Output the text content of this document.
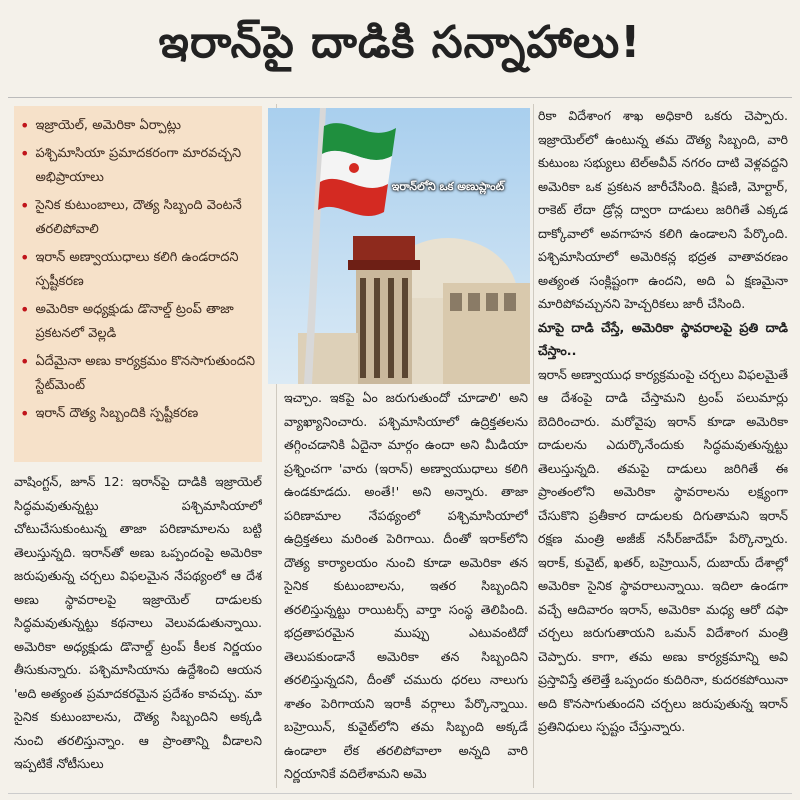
ఇరాన్‌పై దాడికి సన్నాహాలు!
• ఇజ్రాయెల్, అమెరికా ఏర్పాట్లు
• పశ్చిమాసియా ప్రమాదకరంగా మారవచ్చని అభిప్రాయాలు
• సైనిక కుటుంబాలు, దౌత్య సిబ్బంది వెంటనే తరలిపోవాలి
• ఇరాన్ అణ్వాయుధాలు కలిగి ఉండరాదని స్పష్టీకరణ
• అమెరికా అధ్యక్షుడు డొనాల్డ్ ట్రంప్ తాజా ప్రకటనలో వెల్లడి
• ఏదేమైనా అణు కార్యక్రమం కొనసాగుతుందని స్టేట్‌మెంట్
• ఇరాన్ దౌత్య సిబ్బందికి స్పష్టీకరణ
ఇరాన్‌లోని ఒక అణుప్లాంట్

వాషింగ్టన్, జూన్ 12: ఇరాన్‌పై దాడికి ఇజ్రాయెల్ సిద్ధమవుతున్నట్టు పశ్చిమాసియాలో చోటుచేసుకుంటున్న తాజా పరిణామాలను బట్టి తెలుస్తున్నది. ఇరాన్‌తో అణు ఒప్పందంపై అమెరికా జరుపుతున్న చర్చలు విఫలమైన నేపథ్యంలో ఆ దేశ అణు స్థావరాలపై ఇజ్రాయెల్ దాడులకు సిద్ధమవుతున్నట్టు కథనాలు వెలువడుతున్నాయి. అమెరికా అధ్యక్షుడు డొనాల్డ్ ట్రంప్ కీలక నిర్ణయం తీసుకున్నారు. పశ్చిమాసియాను ఉద్దేశించి ఆయన 'అది అత్యంత ప్రమాదకరమైన ప్రదేశం కావచ్చు. మా సైనిక కుటుంబాలను, దౌత్య సిబ్బందిని అక్కడి నుంచి తరలిస్తున్నాం. ఆ ప్రాంతాన్ని వీడాలని ఇప్పటికే నోటీసులు

ఇచ్చాం. ఇకపై ఏం జరుగుతుందో చూడాలి' అని వ్యాఖ్యానించారు. పశ్చిమాసియాలో ఉద్రిక్తతలను తగ్గించడానికి ఏదైనా మార్గం ఉందా అని మీడియా ప్రశ్నించగా 'వారు (ఇరాన్) అణ్వాయుధాలు కలిగి ఉండకూడదు. అంతే!' అని అన్నారు. తాజా పరిణామాల నేపథ్యంలో పశ్చిమాసియాలో ఉద్రిక్తతలు మరింత పెరిగాయి. దీంతో ఇరాక్‌లోని దౌత్య కార్యాలయం నుంచి కూడా అమెరికా తన సైనిక కుటుంబాలను, ఇతర సిబ్బందిని తరలిస్తున్నట్టు రాయిటర్స్ వార్తా సంస్థ తెలిపింది. భద్రతాపరమైన ముప్పు ఎటువంటిదో తెలుపకుండానే అమెరికా తన సిబ్బందిని తరలిస్తున్నదని, దీంతో చమురు ధరలు నాలుగు శాతం పెరిగాయని ఇరాకీ వర్గాలు పేర్కొన్నాయి. బహ్రెయిన్, కువైట్‌లోని తమ సిబ్బంది అక్కడే ఉండాలా లేక తరలిపోవాలా అన్నది వారి నిర్ణయానికే వదిలేశామని అమె

రికా విదేశాంగ శాఖ అధికారి ఒకరు చెప్పారు. ఇజ్రాయెల్‌లో ఉంటున్న తమ దౌత్య సిబ్బంది, వారి కుటుంబ సభ్యులు టెల్‌అవీవ్ నగరం దాటి వెళ్లవద్దని అమెరికా ఒక ప్రకటన జారీచేసింది. క్షిపణి, మోర్టార్, రాకెట్ లేదా డ్రోన్ల ద్వారా దాడులు జరిగితే ఎక్కడ దాక్కోవాలో అవగాహన కలిగి ఉండాలని పేర్కొంది. పశ్చిమాసియాలో అమెరికన్ల భద్రత వాతావరణం అత్యంత సంక్లిష్టంగా ఉందని, అది ఏ క్షణమైనా మారిపోవచ్చునని హెచ్చరికలు జారీ చేసింది.

మాపై దాడి చేస్తే, అమెరికా స్థావరాలపై ప్రతి దాడి చేస్తాం..

ఇరాన్ అణ్వాయుధ కార్యక్రమంపై చర్చలు విఫలమైతే ఆ దేశంపై దాడి చేస్తామని ట్రంప్ పలుమార్లు బెదిరించారు. మరోవైపు ఇరాన్ కూడా అమెరికా దాడులను ఎదుర్కొనేందుకు సిద్ధమవుతున్నట్టు తెలుస్తున్నది. తమపై దాడులు జరిగితే ఈ ప్రాంతంలోని అమెరికా స్థావరాలను లక్ష్యంగా చేసుకొని ప్రతీకార దాడులకు దిగుతామని ఇరాన్ రక్షణ మంత్రి అజీజ్ నసీర్‌జాదేహ్ పేర్కొన్నారు. ఇరాక్, కువైట్, ఖతర్, బహ్రెయిన్, దుబాయ్ దేశాల్లో అమెరికా సైనిక స్థావరాలున్నాయి. ఇదిలా ఉండగా వచ్చే ఆదివారం ఇరాన్, అమెరికా మధ్య ఆరో దఫా చర్చలు జరుగుతాయని ఒమన్ విదేశాంగ మంత్రి చెప్పారు. కాగా, తమ అణు కార్యక్రమాన్ని అవి ప్రస్తావిస్తే తలెత్తే ఒప్పందం కుదిరినా, కుదరకపోయినా అది కొనసాగుతుందని చర్చలు జరుపుతున్న ఇరాన్ ప్రతినిధులు స్పష్టం చేస్తున్నారు.
